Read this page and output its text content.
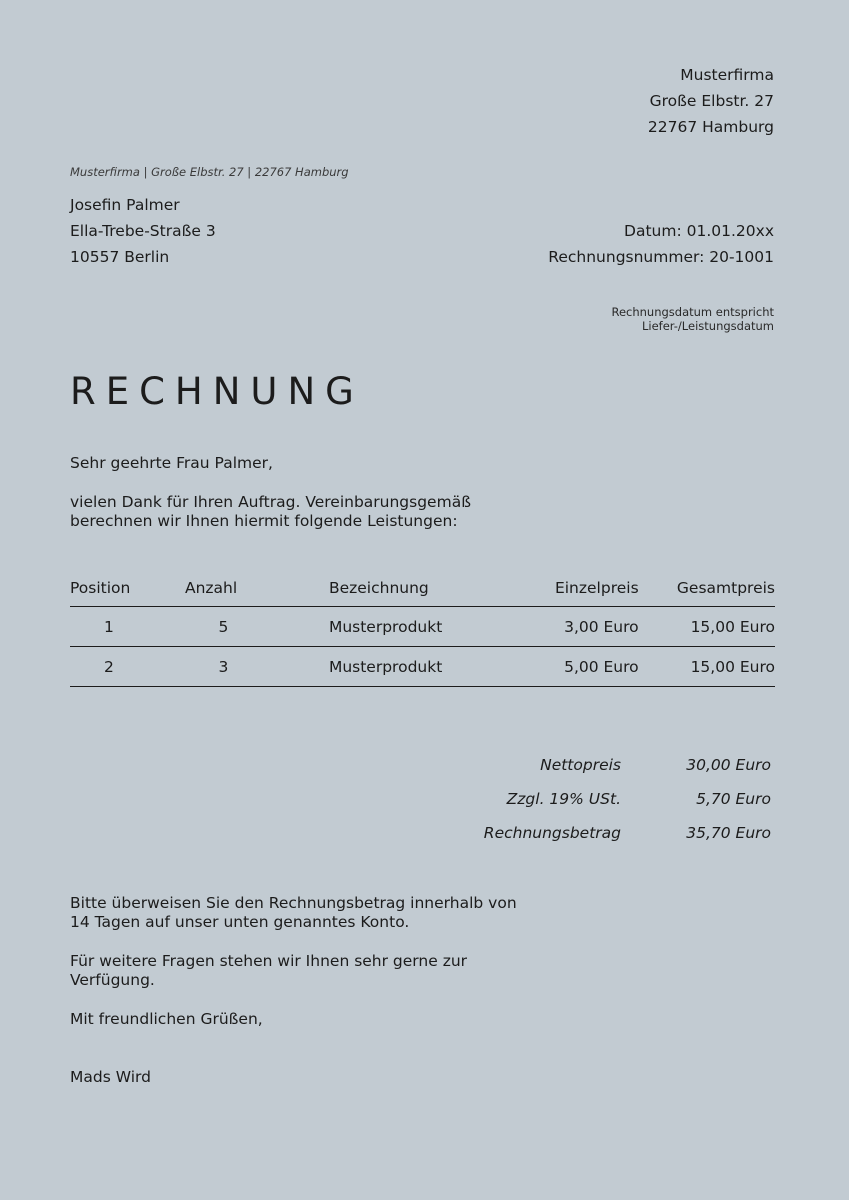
Musterfirma
Große Elbstr. 27
22767 Hamburg
Musterfirma | Große Elbstr. 27 | 22767 Hamburg
Josefin Palmer
Ella-Trebe-Straße 3
10557 Berlin
Datum: 01.01.20xx
Rechnungsnummer: 20-1001
Rechnungsdatum entspricht
Liefer-/Leistungsdatum
RECHNUNG
Sehr geehrte Frau Palmer,
vielen Dank für Ihren Auftrag. Vereinbarungsgemäß
berechnen wir Ihnen hiermit folgende Leistungen:
Position	Anzahl	Bezeichnung	Einzelpreis	Gesamtpreis
1	5	Musterprodukt	3,00 Euro	15,00 Euro
2	3	Musterprodukt	5,00 Euro	15,00 Euro
Nettopreis	30,00 Euro
Zzgl. 19% USt.	5,70 Euro
Rechnungsbetrag	35,70 Euro
Bitte überweisen Sie den Rechnungsbetrag innerhalb von
14 Tagen auf unser unten genanntes Konto.
Für weitere Fragen stehen wir Ihnen sehr gerne zur
Verfügung.
Mit freundlichen Grüßen,
Mads Wird
